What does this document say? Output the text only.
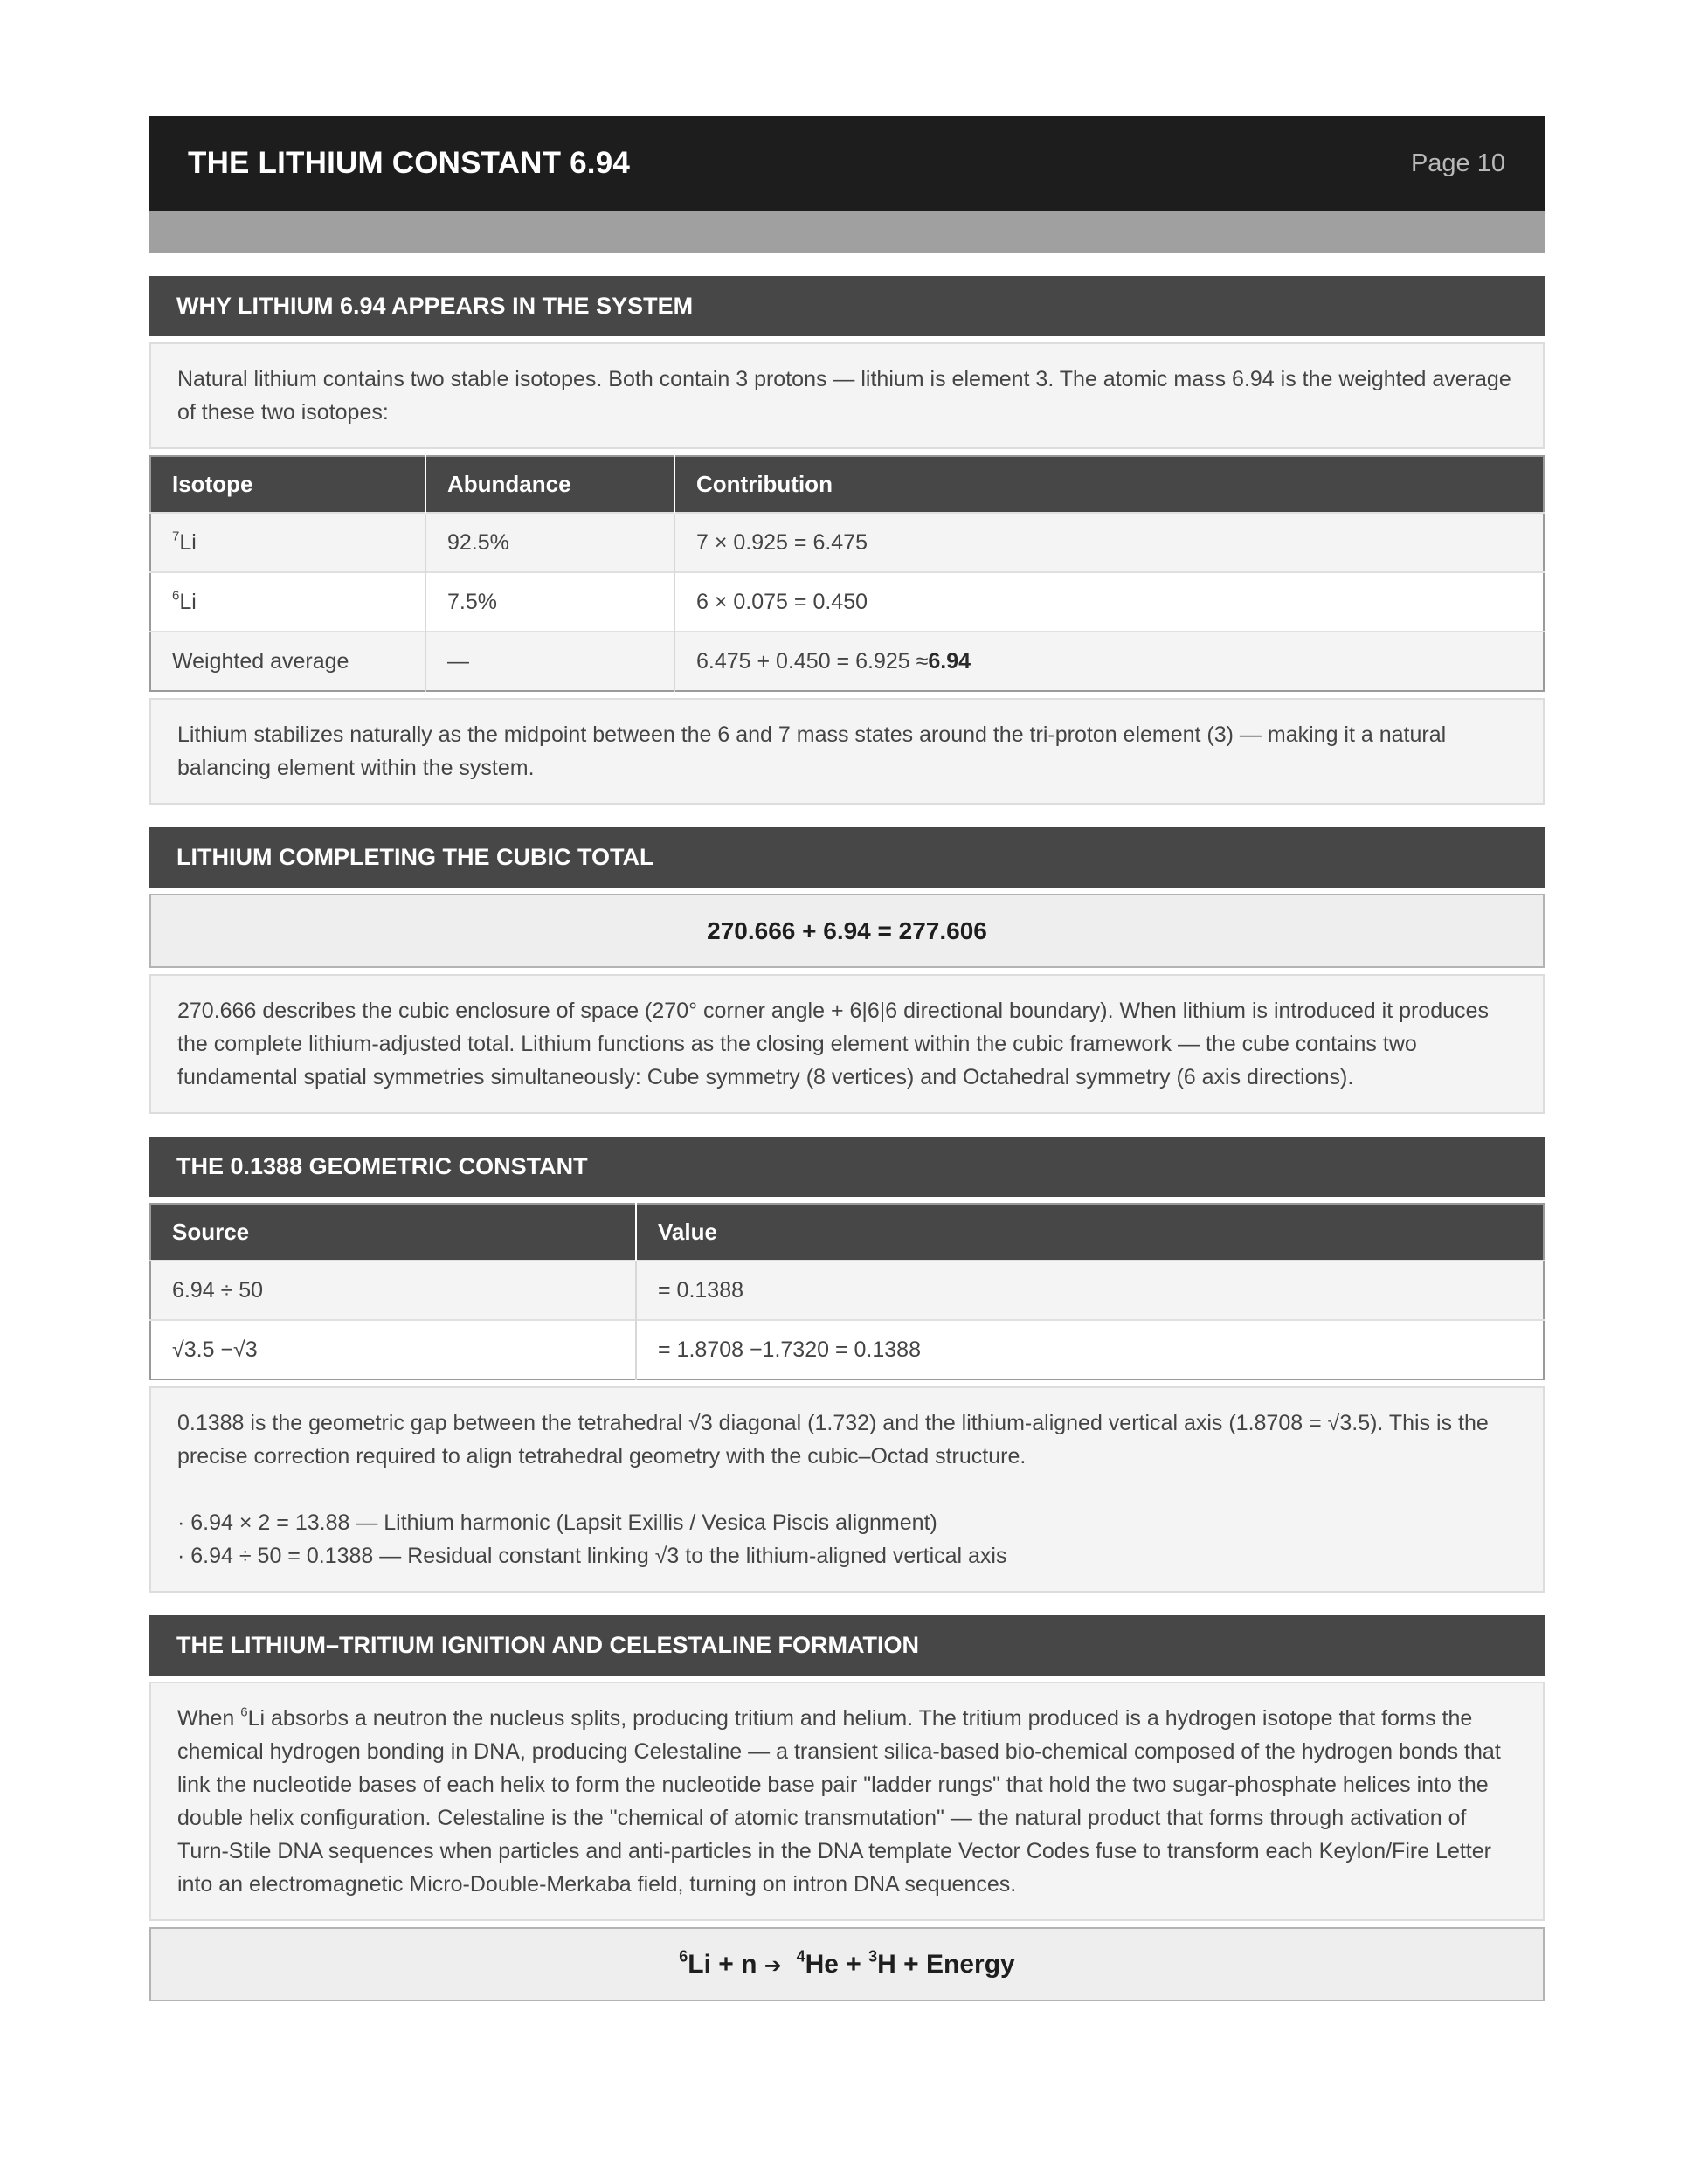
THE LITHIUM CONSTANT 6.94	Page 10
WHY LITHIUM 6.94 APPEARS IN THE SYSTEM
Natural lithium contains two stable isotopes. Both contain 3 protons — lithium is element 3. The atomic mass 6.94 is the weighted average of these two isotopes:
Isotope	Abundance	Contribution
$^7$Li	92.5%	7 × 0.925 = 6.475
$^6$Li	7.5%	6 × 0.075 = 0.450
Weighted average	—	6.475 + 0.450 = 6.925 ≈6.94
Lithium stabilizes naturally as the midpoint between the 6 and 7 mass states around the tri-proton element (3) — making it a natural balancing element within the system.
LITHIUM COMPLETING THE CUBIC TOTAL
270.666 + 6.94 = 277.606
270.666 describes the cubic enclosure of space (270° corner angle + 6|6|6 directional boundary). When lithium is introduced it produces the complete lithium-adjusted total. Lithium functions as the closing element within the cubic framework — the cube contains two fundamental spatial symmetries simultaneously: Cube symmetry (8 vertices) and Octahedral symmetry (6 axis directions).
THE 0.1388 GEOMETRIC CONSTANT
Source	Value
6.94 ÷ 50	= 0.1388
√3.5 −√3	= 1.8708 −1.7320 = 0.1388
0.1388 is the geometric gap between the tetrahedral √3 diagonal (1.732) and the lithium-aligned vertical axis (1.8708 = √3.5). This is the precise correction required to align tetrahedral geometry with the cubic–Octad structure.
· 6.94 × 2 = 13.88 — Lithium harmonic (Lapsit Exillis / Vesica Piscis alignment)
· 6.94 ÷ 50 = 0.1388 — Residual constant linking √3 to the lithium-aligned vertical axis
THE LITHIUM–TRITIUM IGNITION AND CELESTALINE FORMATION
When $^6$Li absorbs a neutron the nucleus splits, producing tritium and helium. The tritium produced is a hydrogen isotope that forms the chemical hydrogen bonding in DNA, producing Celestaline — a transient silica-based bio-chemical composed of the hydrogen bonds that link the nucleotide bases of each helix to form the nucleotide base pair "ladder rungs" that hold the two sugar-phosphate helices into the double helix configuration. Celestaline is the "chemical of atomic transmutation" — the natural product that forms through activation of Turn-Stile DNA sequences when particles and anti-particles in the DNA template Vector Codes fuse to transform each Keylon/Fire Letter into an electromagnetic Micro-Double-Merkaba field, turning on intron DNA sequences.
$^6$Li + n ➔ $^4$He + $^3$H + Energy
